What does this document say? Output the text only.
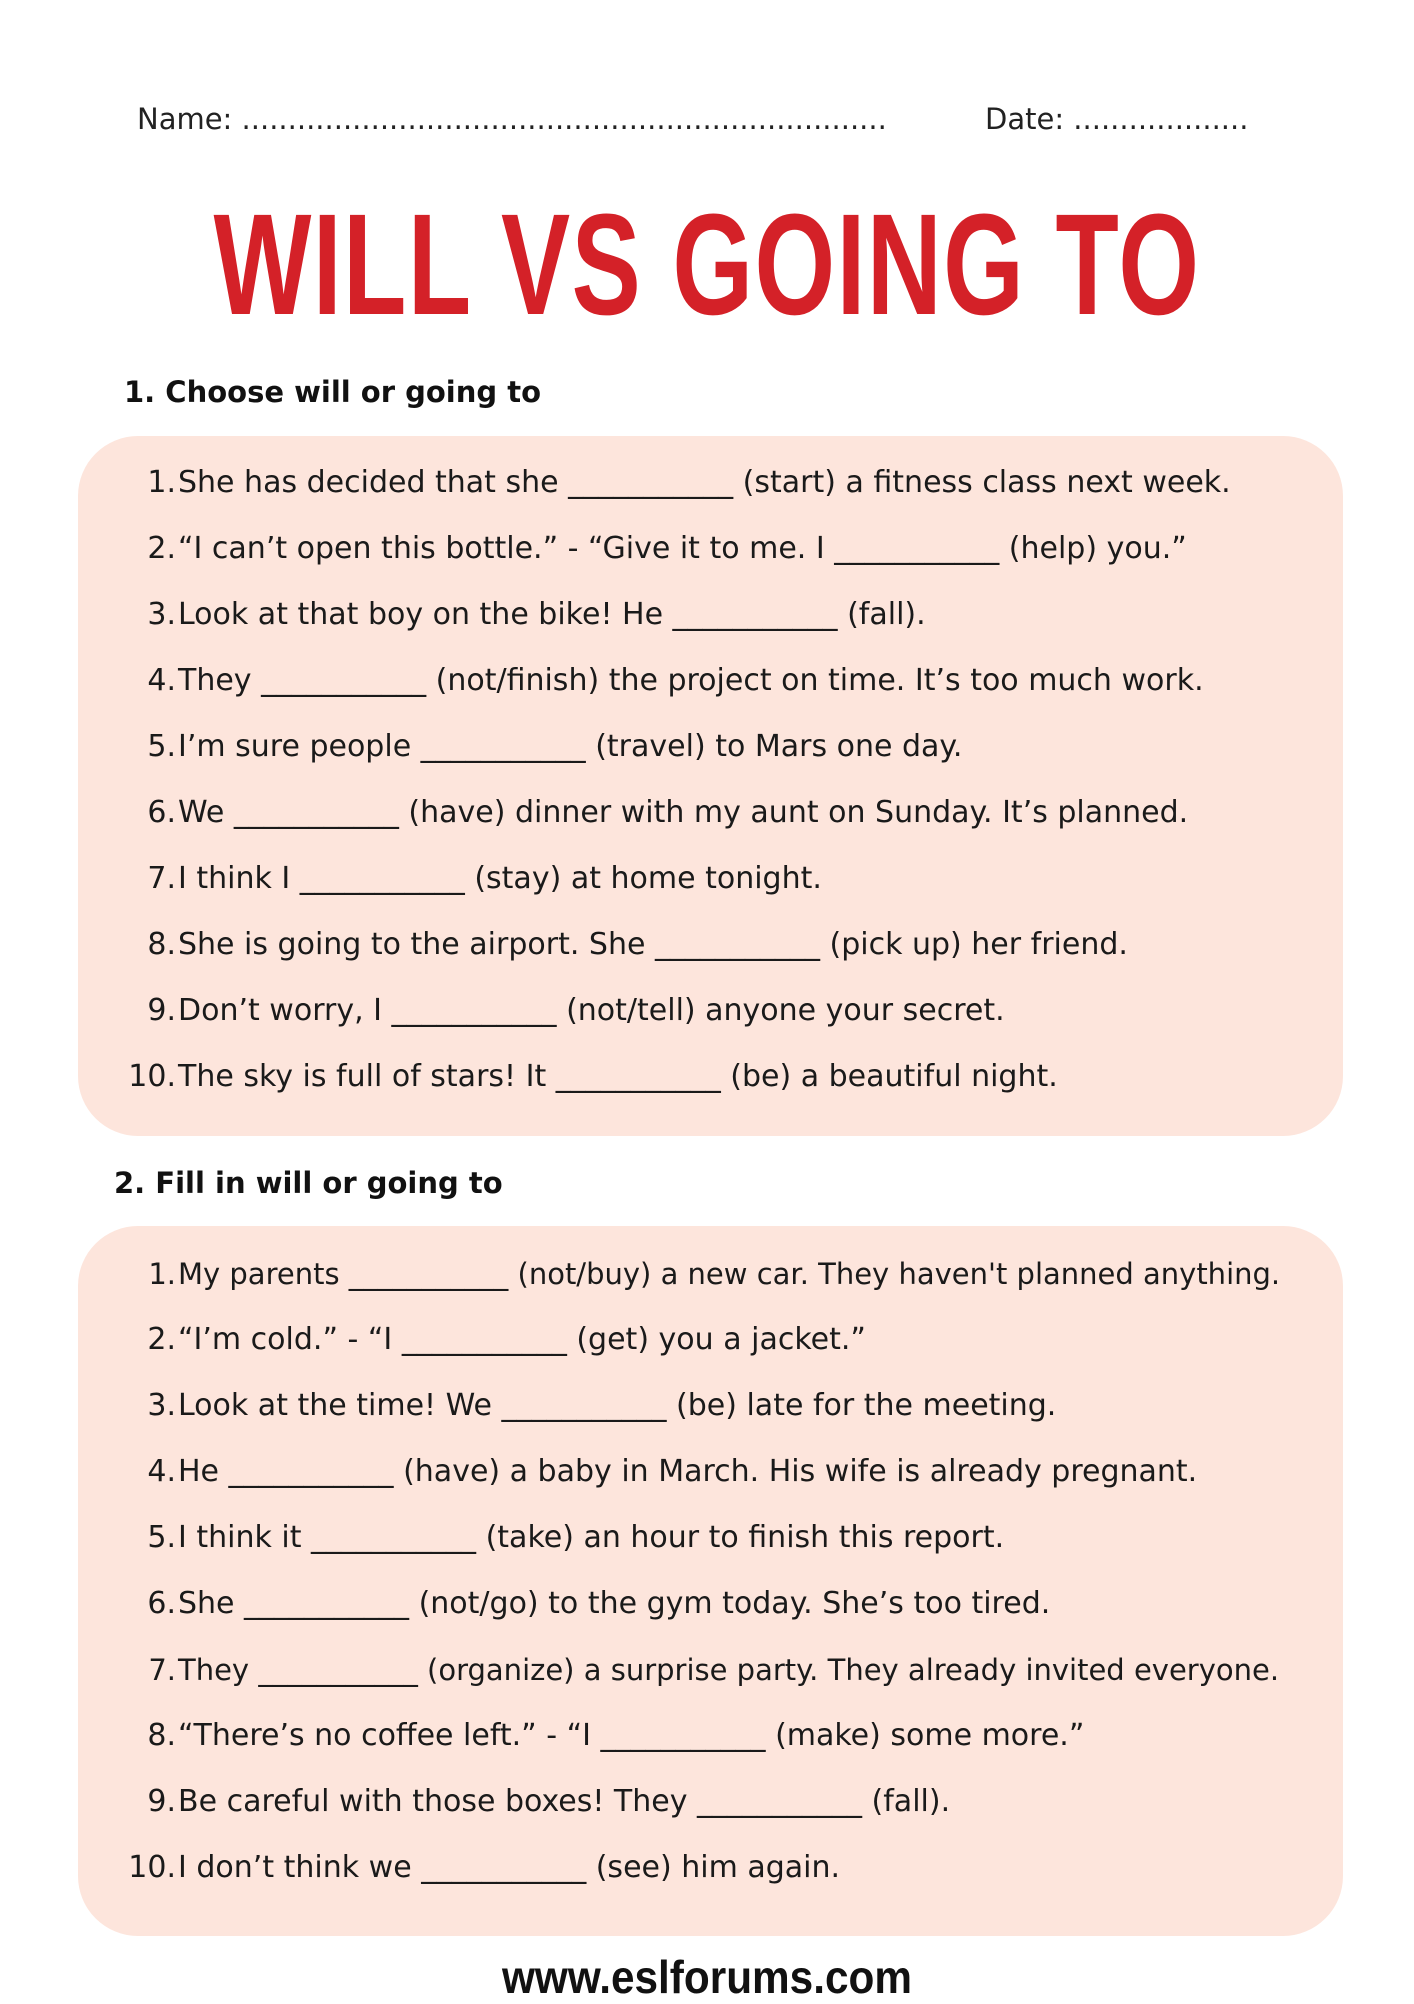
Name: ......................................................................	Date: ...................
WILL VS GOING TO
1. Choose will or going to
1.She has decided that she ___________ (start) a fitness class next week.
2.“I can’t open this bottle.” - “Give it to me. I ___________ (help) you.”
3.Look at that boy on the bike! He ___________ (fall).
4.They ___________ (not/finish) the project on time. It’s too much work.
5.I’m sure people ___________ (travel) to Mars one day.
6.We ___________ (have) dinner with my aunt on Sunday. It’s planned.
7.I think I ___________ (stay) at home tonight.
8.She is going to the airport. She ___________ (pick up) her friend.
9.Don’t worry, I ___________ (not/tell) anyone your secret.
10.The sky is full of stars! It ___________ (be) a beautiful night.
2. Fill in will or going to
1.My parents ___________ (not/buy) a new car. They haven't planned anything.
2.“I’m cold.” - “I ___________ (get) you a jacket.”
3.Look at the time! We ___________ (be) late for the meeting.
4.He ___________ (have) a baby in March. His wife is already pregnant.
5.I think it ___________ (take) an hour to finish this report.
6.She ___________ (not/go) to the gym today. She’s too tired.
7.They ___________ (organize) a surprise party. They already invited everyone.
8.“There’s no coffee left.” - “I ___________ (make) some more.”
9.Be careful with those boxes! They ___________ (fall).
10.I don’t think we ___________ (see) him again.
www.eslforums.com
